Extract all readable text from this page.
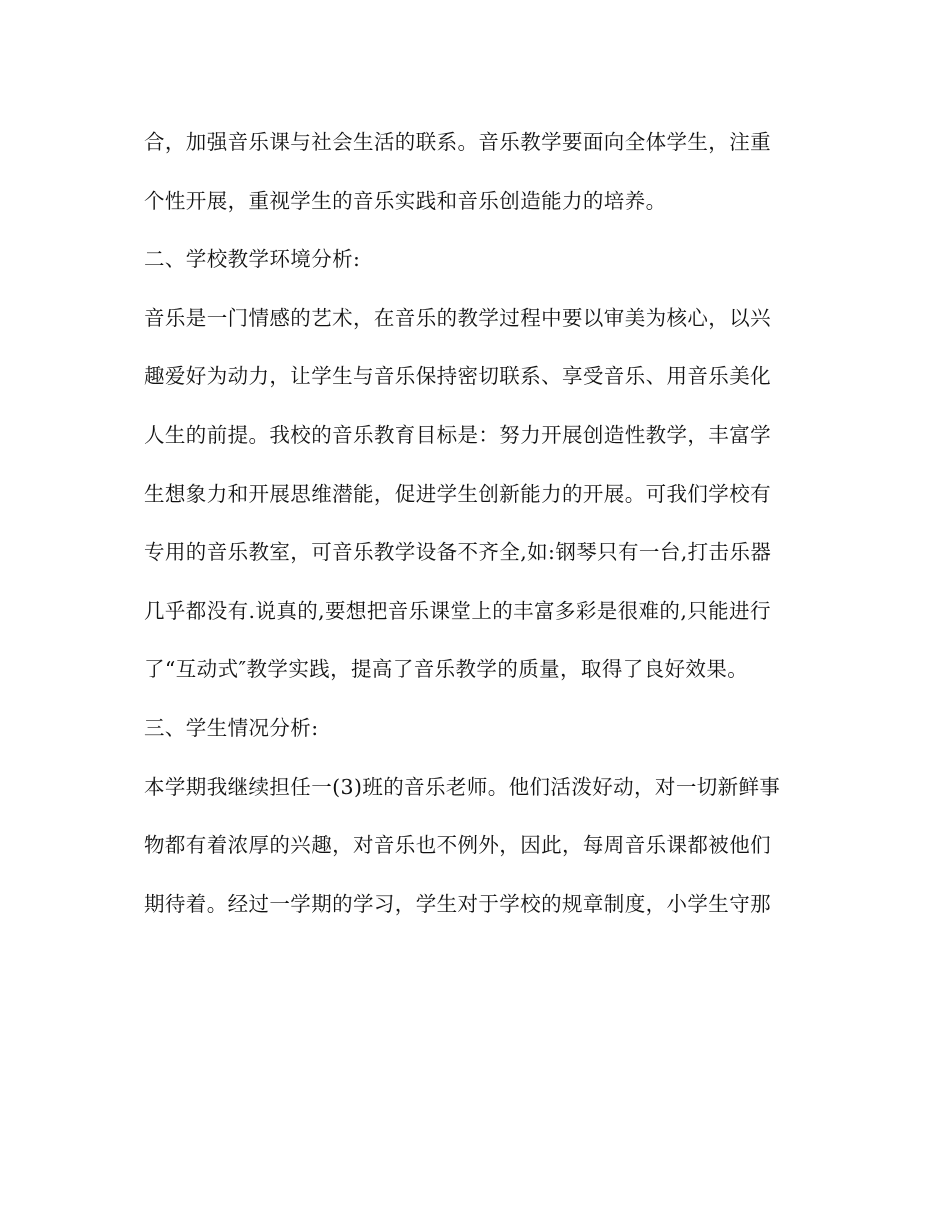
合，加强音乐课与社会生活的联系。音乐教学要面向全体学生，注重
个性开展，重视学生的音乐实践和音乐创造能力的培养。
二、学校教学环境分析:
音乐是一门情感的艺术，在音乐的教学过程中要以审美为核心，以兴
趣爱好为动力，让学生与音乐保持密切联系、享受音乐、用音乐美化
人生的前提。我校的音乐教育目标是：努力开展创造性教学，丰富学
生想象力和开展思维潜能，促进学生创新能力的开展。可我们学校有
专用的音乐教室，可音乐教学设备不齐全,如:钢琴只有一台,打击乐器
几乎都没有.说真的,要想把音乐课堂上的丰富多彩是很难的,只能进行
了“互动式″教学实践，提高了音乐教学的质量，取得了良好效果。
三、学生情况分析:
本学期我继续担任一(3)班的音乐老师。他们活泼好动，对一切新鲜事
物都有着浓厚的兴趣，对音乐也不例外，因此，每周音乐课都被他们
期待着。经过一学期的学习，学生对于学校的规章制度，小学生守那
